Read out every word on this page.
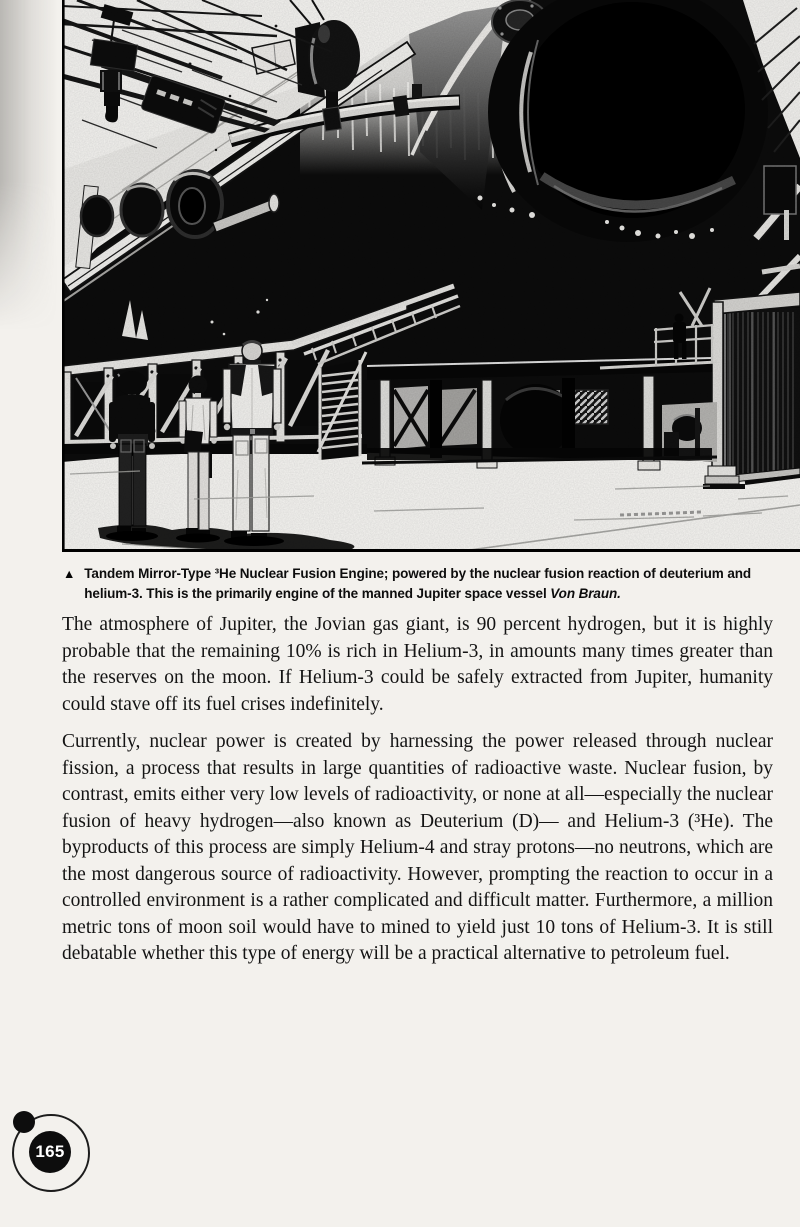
▲ Tandem Mirror-Type ³He Nuclear Fusion Engine; powered by the nuclear fusion reaction of deuterium and helium-3. This is the primarily engine of the manned Jupiter space vessel Von Braun.

The atmosphere of Jupiter, the Jovian gas giant, is 90 percent hydrogen, but it is highly probable that the remaining 10% is rich in Helium-3, in amounts many times greater than the reserves on the moon. If Helium-3 could be safely extracted from Jupiter, humanity could stave off its fuel crises indefinitely.

Currently, nuclear power is created by harnessing the power released through nuclear fission, a process that results in large quantities of radioactive waste. Nuclear fusion, by contrast, emits either very low levels of radioactivity, or none at all—especially the nuclear fusion of heavy hydrogen—also known as Deuterium (D)— and Helium-3 (³He). The byproducts of this process are simply Helium-4 and stray protons—no neutrons, which are the most dangerous source of radioactivity. However, prompting the reaction to occur in a controlled environment is a rather complicated and difficult matter. Furthermore, a million metric tons of moon soil would have to mined to yield just 10 tons of Helium-3. It is still debatable whether this type of energy will be a practical alternative to petroleum fuel.

165
